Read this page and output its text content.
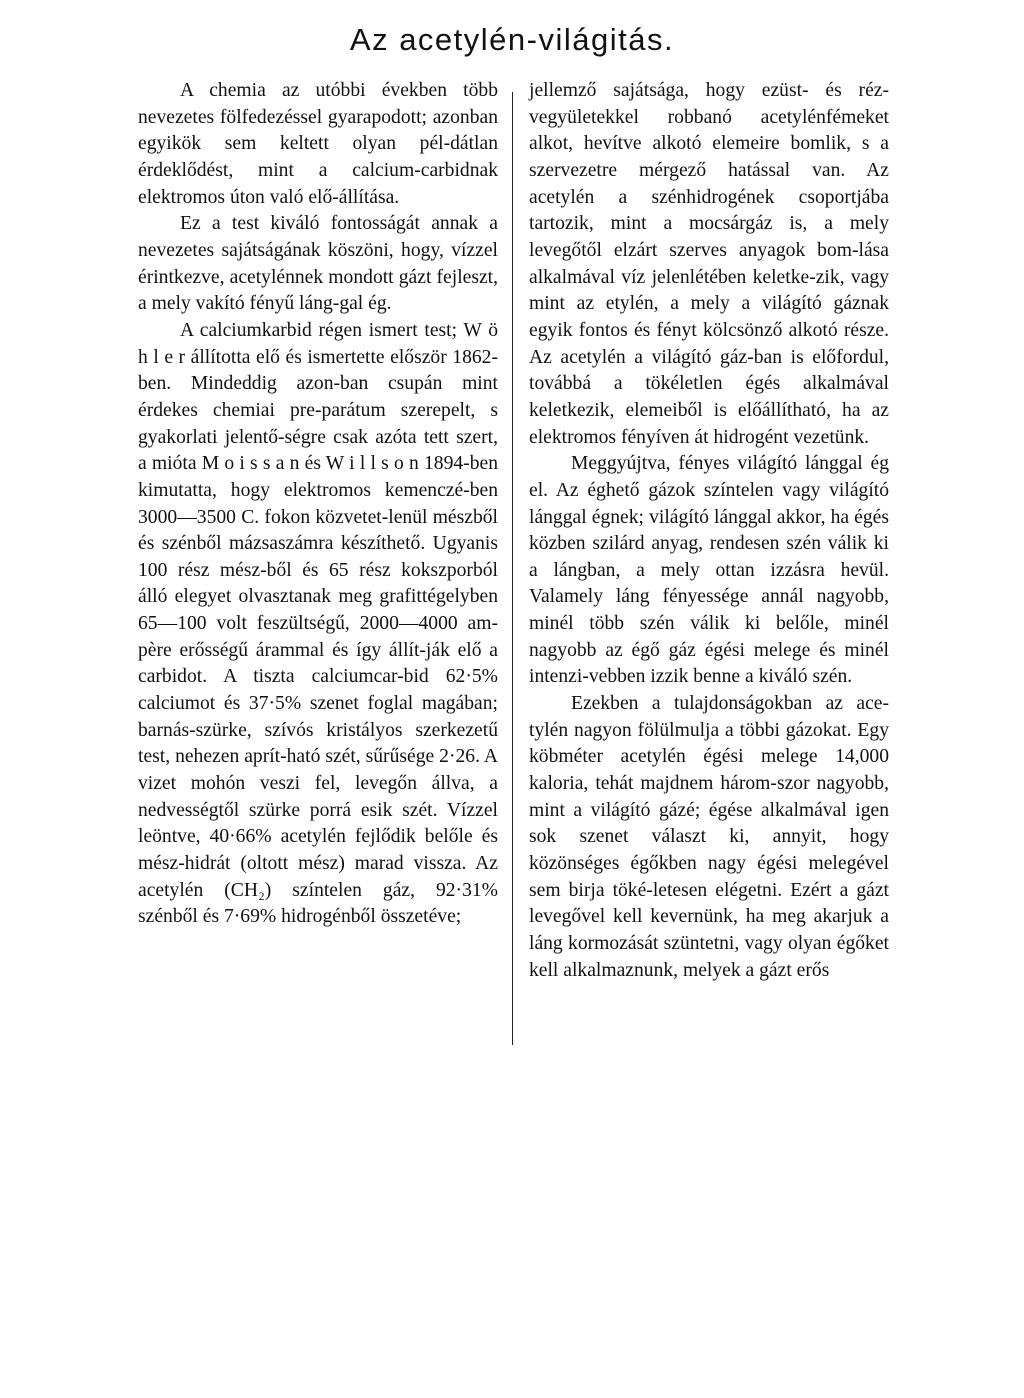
Az acetylén-világitás.

A chemia az utóbbi években több nevezetes fölfedezéssel gyarapodott; azonban egyikök sem keltett olyan pél-dátlan érdeklődést, mint a calcium-carbidnak elektromos úton való elő-állítása.

Ez a test kiváló fontosságát annak a nevezetes sajátságának köszöni, hogy, vízzel érintkezve, acetylénnek mondott gázt fejleszt, a mely vakító fényű láng-gal ég.

A calciumkarbid régen ismert test; W ö h l e r állította elő és ismertette először 1862-ben. Mindeddig azon-ban csupán mint érdekes chemiai pre-parátum szerepelt, s gyakorlati jelentő-ségre csak azóta tett szert, a mióta M o i s s a n és W i l l s o n 1894-ben kimutatta, hogy elektromos kemenczé-ben 3000—3500 C. fokon közvetet-lenül mészből és szénből mázsaszámra készíthető. Ugyanis 100 rész mész-ből és 65 rész kokszporból álló elegyet olvasztanak meg grafittégelyben 65—100 volt feszültségű, 2000—4000 am-père erősségű árammal és így állít-ják elő a carbidot. A tiszta calciumcar-bid 62·5% calciumot és 37·5% szenet foglal magában; barnás-szürke, szívós kristályos szerkezetű test, nehezen aprít-ható szét, sűrűsége 2·26. A vizet mohón veszi fel, levegőn állva, a nedvességtől szürke porrá esik szét. Vízzel leöntve, 40·66% acetylén fejlődik belőle és mész-hidrát (oltott mész) marad vissza. Az acetylén (CH₂) színtelen gáz, 92·31% szénből és 7·69% hidrogénből összetéve;

jellemző sajátsága, hogy ezüst- és réz-vegyületekkel robbanó acetylénfémeket alkot, hevítve alkotó elemeire bomlik, s a szervezetre mérgező hatással van. Az acetylén a szénhidrogének csoportjába tartozik, mint a mocsárgáz is, a mely levegőtől elzárt szerves anyagok bom-lása alkalmával víz jelenlétében keletke-zik, vagy mint az etylén, a mely a világító gáznak egyik fontos és fényt kölcsönző alkotó része. Az acetylén a világító gáz-ban is előfordul, továbbá a tökéletlen égés alkalmával keletkezik, elemeiből is előállítható, ha az elektromos fényíven át hidrogént vezetünk.

Meggyújtva, fényes világító lánggal ég el. Az éghető gázok színtelen vagy világító lánggal égnek; világító lánggal akkor, ha égés közben szilárd anyag, rendesen szén válik ki a lángban, a mely ottan izzásra hevül. Valamely láng fényessége annál nagyobb, minél több szén válik ki belőle, minél nagyobb az égő gáz égési melege és minél intenzi-vebben izzik benne a kiváló szén.

Ezekben a tulajdonságokban az ace-tylén nagyon fölülmulja a többi gázokat. Egy köbméter acetylén égési melege 14,000 kaloria, tehát majdnem három-szor nagyobb, mint a világító gázé; égése alkalmával igen sok szenet választ ki, annyit, hogy közönséges égőkben nagy égési melegével sem birja töké-letesen elégetni. Ezért a gázt levegővel kell kevernünk, ha meg akarjuk a láng kormozását szüntetni, vagy olyan égőket kell alkalmaznunk, melyek a gázt erős
